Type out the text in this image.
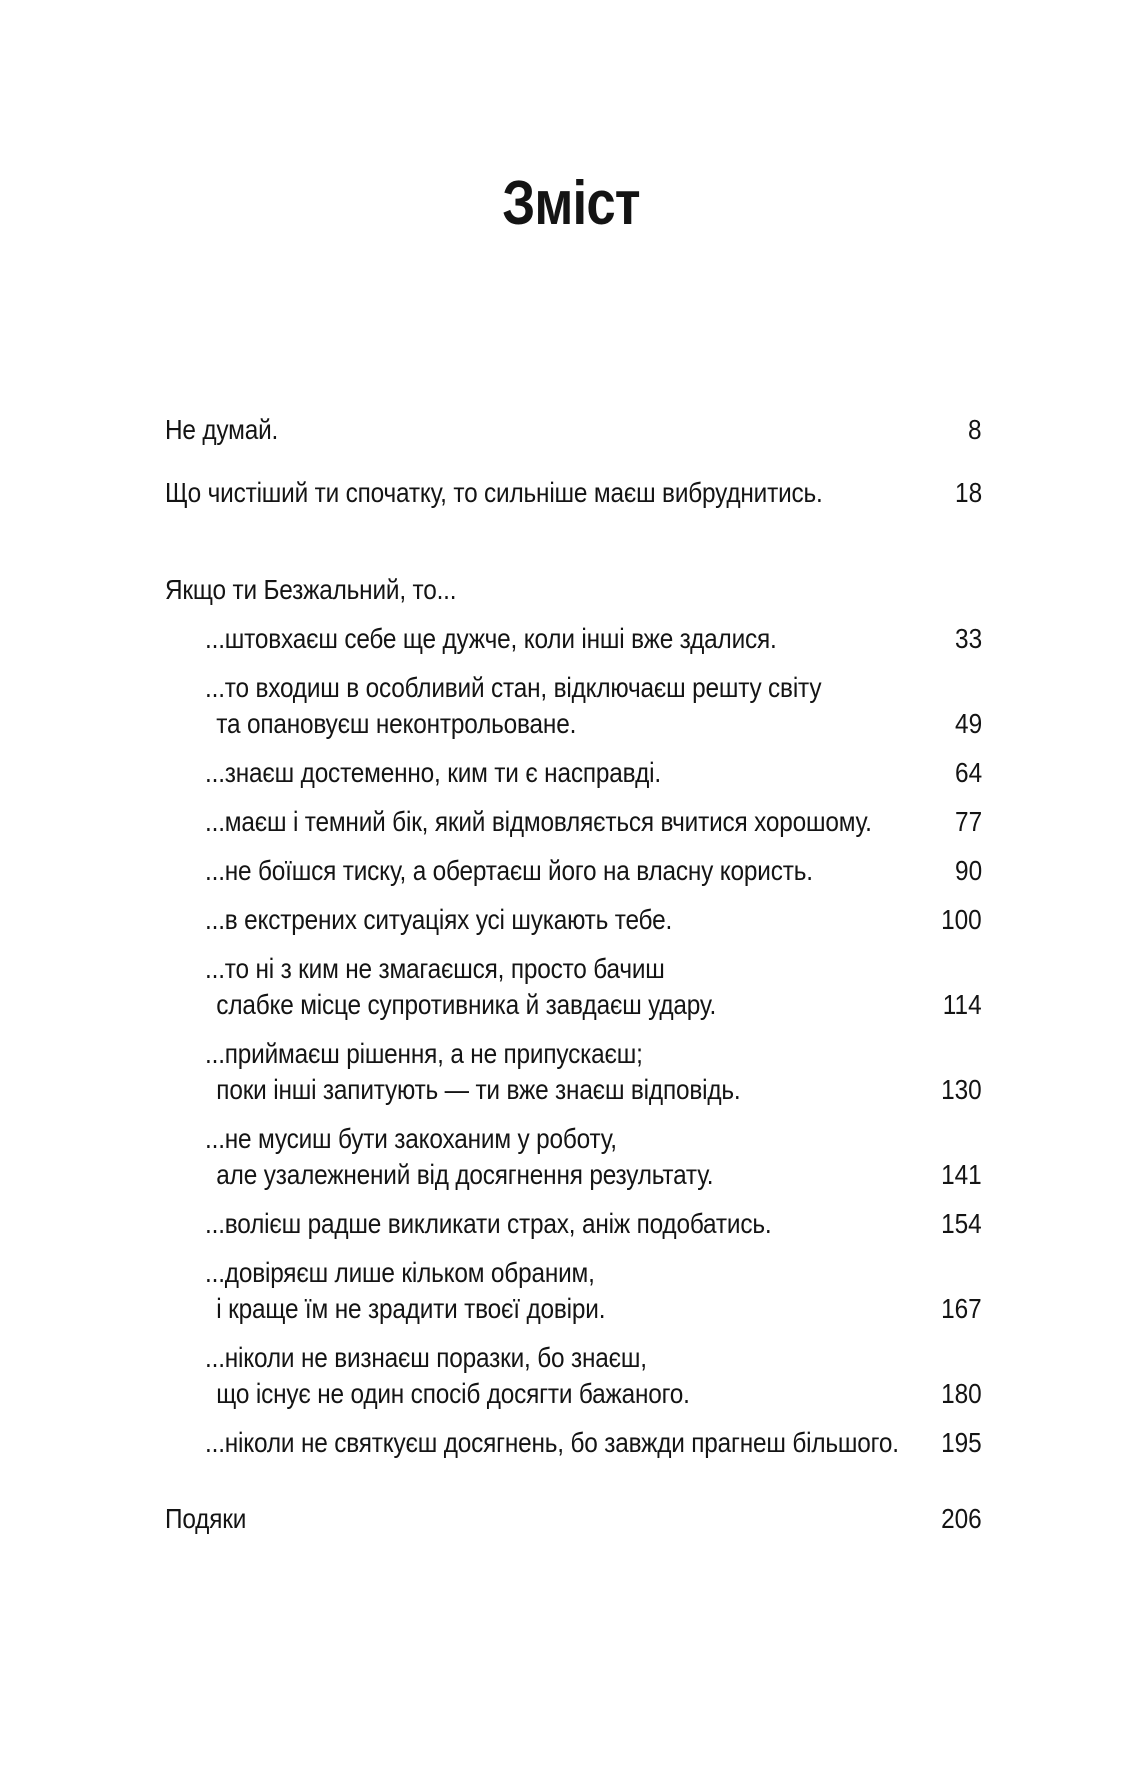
Зміст
Не думай.	8
Що чистіший ти спочатку, то сильніше маєш вибруднитись.	18
Якщо ти Безжальний, то...
...штовхаєш себе ще дужче, коли інші вже здалися.	33
...то входиш в особливий стан, відключаєш решту світу
та опановуєш неконтрольоване.	49
...знаєш достеменно, ким ти є насправді.	64
...маєш і темний бік, який відмовляється вчитися хорошому.	77
...не боїшся тиску, а обертаєш його на власну користь.	90
...в екстрених ситуаціях усі шукають тебе.	100
...то ні з ким не змагаєшся, просто бачиш
слабке місце супротивника й завдаєш удару.	114
...приймаєш рішення, а не припускаєш;
поки інші запитують — ти вже знаєш відповідь.	130
...не мусиш бути закоханим у роботу,
але узалежнений від досягнення результату.	141
...волієш радше викликати страх, аніж подобатись.	154
...довіряєш лише кільком обраним,
і краще їм не зрадити твоєї довіри.	167
...ніколи не визнаєш поразки, бо знаєш,
що існує не один спосіб досягти бажаного.	180
...ніколи не святкуєш досягнень, бо завжди прагнеш більшого. 195
Подяки	206
